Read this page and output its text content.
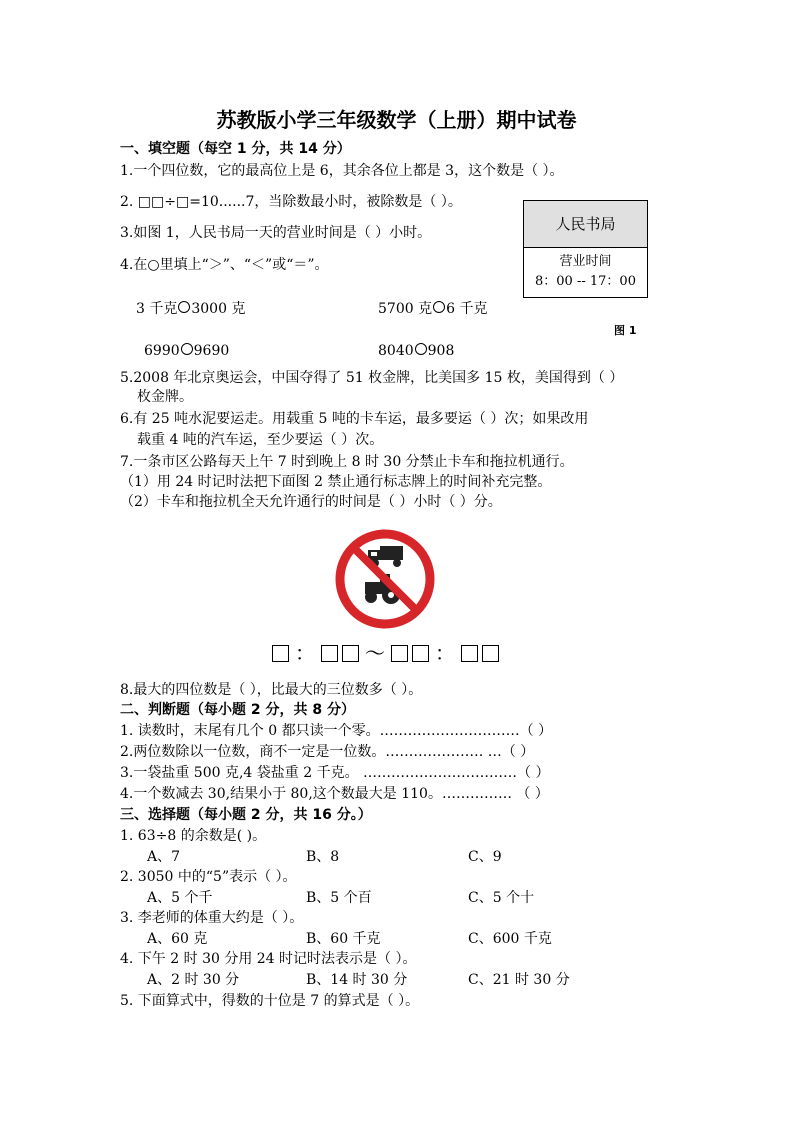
苏教版小学三年级数学（上册）期中试卷
一、填空题（每空 1 分，共 14 分）
1.一个四位数，它的最高位上是 6，其余各位上都是 3，这个数是（ ）。
2. □□÷□=10......7，当除数最小时，被除数是（ ）。
3.如图 1，人民书局一天的营业时间是（ ）小时。
4.在○里填上“＞”、“＜”或“＝”。
3 千克 3000 克	5700 克 6 千克
6990 9690	8040 908
人民书局
营业时间
8：00 -- 17：00
图 1
5.2008 年北京奥运会，中国夺得了 51 枚金牌，比美国多 15 枚，美国得到（ ）
枚金牌。
6.有 25 吨水泥要运走。用载重 5 吨的卡车运，最多要运（ ）次；如果改用
载重 4 吨的汽车运，至少要运（ ）次。
7.一条市区公路每天上午 7 时到晚上 8 时 30 分禁止卡车和拖拉机通行。
（1）用 24 时记时法把下面图 2 禁止通行标志牌上的时间补充完整。
（2）卡车和拖拉机全天允许通行的时间是（ ）小时（ ）分。
：	～	：
8.最大的四位数是（ ），比最大的三位数多（ ）。
二、判断题（每小题 2 分，共 8 分）
1. 读数时，末尾有几个 0 都只读一个零。…………………………（ ）
2.两位数除以一位数，商不一定是一位数。………………… …（ ）
3.一袋盐重 500 克,4 袋盐重 2 千克。 ……………………………（ ）
4.一个数减去 30,结果小于 80,这个数最大是 110。…………… （ ）
三、选择题（每小题 2 分，共 16 分。）
1. 63÷8 的余数是( )。
A、7	B、8	C、9
2. 3050 中的“5”表示（ ）。
A、5 个千	B、5 个百	C、5 个十
3. 李老师的体重大约是（ ）。
A、60 克	B、60 千克	C、600 千克
4. 下午 2 时 30 分用 24 时记时法表示是（ ）。
A、2 时 30 分	B、14 时 30 分	C、21 时 30 分
5. 下面算式中，得数的十位是 7 的算式是（ ）。
